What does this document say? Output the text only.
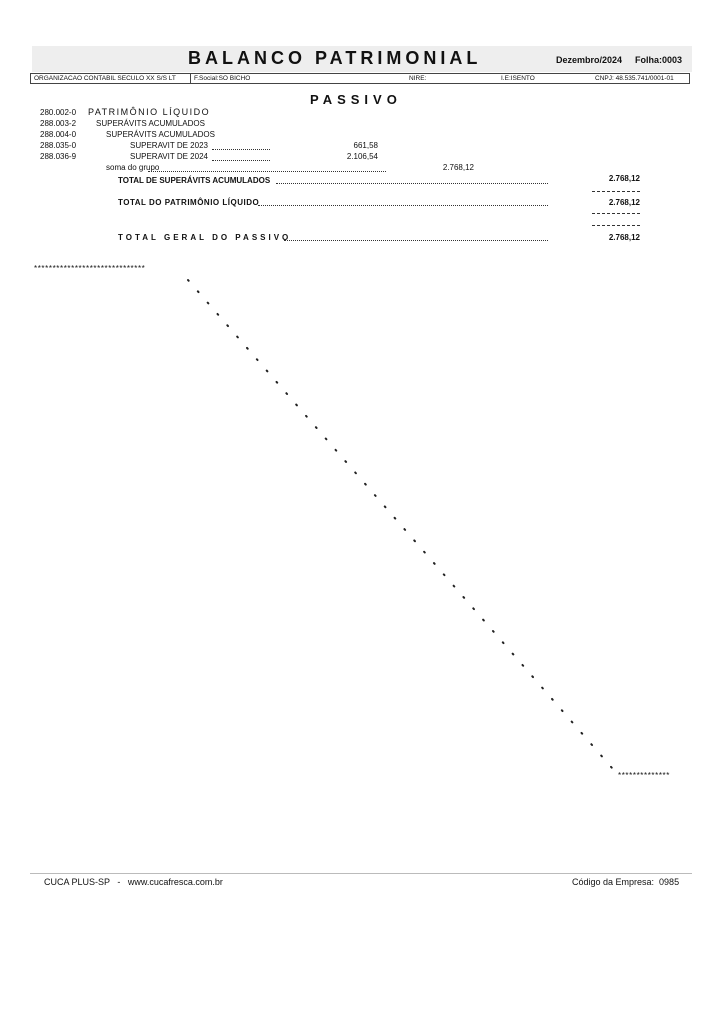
BALANCO PATRIMONIAL	Dezembro/2024 Folha:0003
ORGANIZACAO CONTABIL SECULO XX S/S LT	F.Social:SO BICHO	NIRE:	I.E:ISENTO	CNPJ: 48.535.741/0001-01
PASSIVO
280.002-0 PATRIMÔNIO LÍQUIDO
288.003-2 SUPERÁVITS ACUMULADOS
288.004-0	SUPERÁVITS ACUMULADOS
288.035-0	SUPERAVIT DE 2023	661,58
288.036-9	SUPERAVIT DE 2024	2.106,54
soma do grupo	2.768,12
TOTAL DE SUPERÁVITS ACUMULADOS	2.768,12
TOTAL DO PATRIMÔNIO LÍQUIDO	2.768,12
TOTAL GERAL DO PASSIVO	2.768,12
******************************
**************
CUCA PLUS-SP   -   www.cucafresca.com.br	Código da Empresa:  0985
